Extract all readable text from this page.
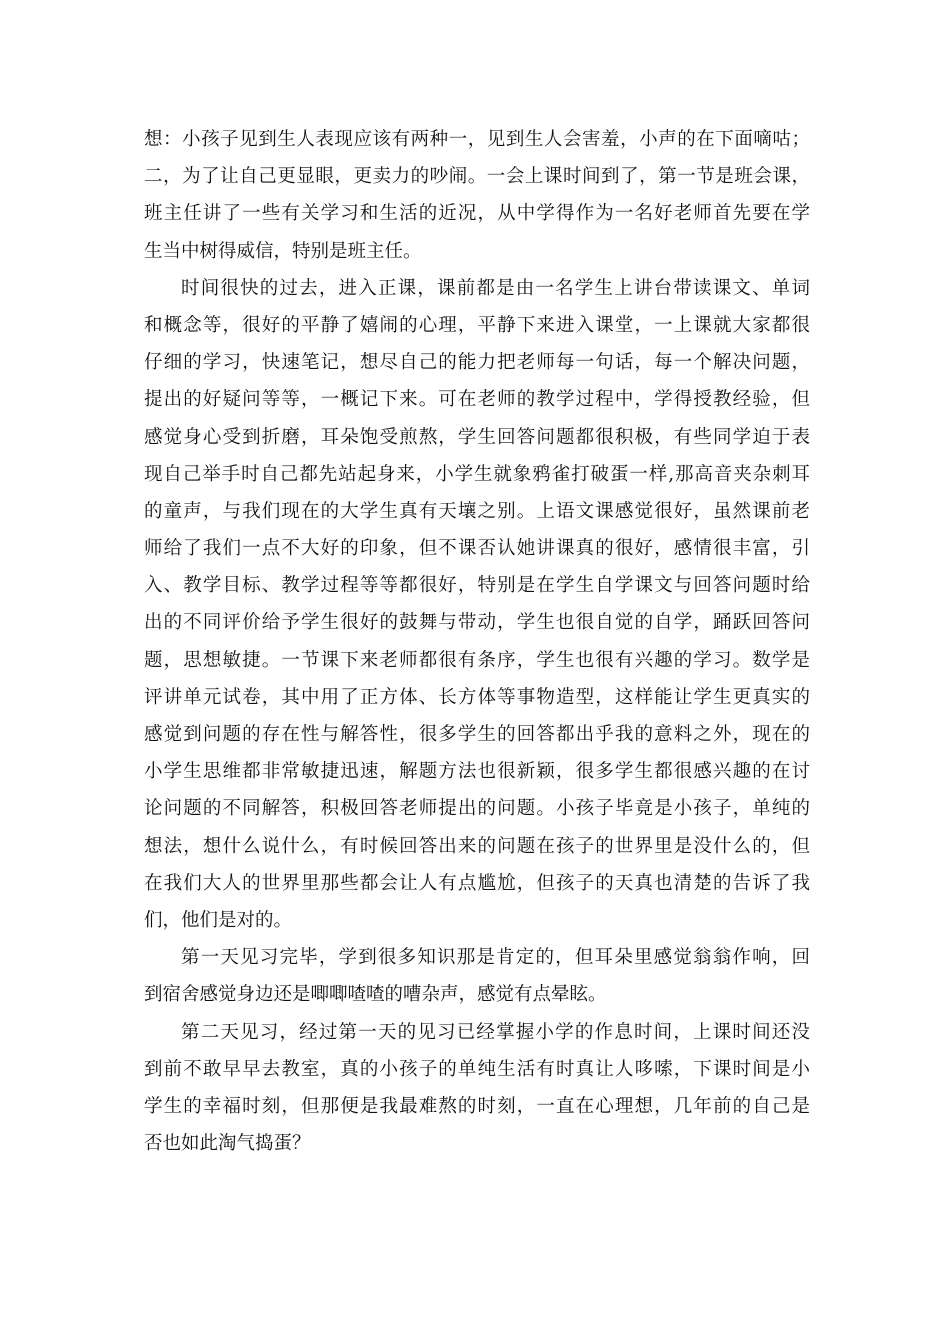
想：小孩子见到生人表现应该有两种一，见到生人会害羞，小声的在下面嘀咕；
二，为了让自己更显眼，更卖力的吵闹。一会上课时间到了，第一节是班会课，
班主任讲了一些有关学习和生活的近况，从中学得作为一名好老师首先要在学
生当中树得威信，特别是班主任。
时间很快的过去，进入正课，课前都是由一名学生上讲台带读课文、单词
和概念等，很好的平静了嬉闹的心理，平静下来进入课堂，一上课就大家都很
仔细的学习，快速笔记，想尽自己的能力把老师每一句话，每一个解决问题，
提出的好疑问等等，一概记下来。可在老师的教学过程中，学得授教经验，但
感觉身心受到折磨，耳朵饱受煎熬，学生回答问题都很积极，有些同学迫于表
现自己举手时自己都先站起身来，小学生就象鸦雀打破蛋一样,那高音夹杂刺耳
的童声，与我们现在的大学生真有天壤之别。上语文课感觉很好，虽然课前老
师给了我们一点不大好的印象，但不课否认她讲课真的很好，感情很丰富，引
入、教学目标、教学过程等等都很好，特别是在学生自学课文与回答问题时给
出的不同评价给予学生很好的鼓舞与带动，学生也很自觉的自学，踊跃回答问
题，思想敏捷。一节课下来老师都很有条序，学生也很有兴趣的学习。数学是
评讲单元试卷，其中用了正方体、长方体等事物造型，这样能让学生更真实的
感觉到问题的存在性与解答性，很多学生的回答都出乎我的意料之外，现在的
小学生思维都非常敏捷迅速，解题方法也很新颖，很多学生都很感兴趣的在讨
论问题的不同解答，积极回答老师提出的问题。小孩子毕竟是小孩子，单纯的
想法，想什么说什么，有时候回答出来的问题在孩子的世界里是没什么的，但
在我们大人的世界里那些都会让人有点尴尬，但孩子的天真也清楚的告诉了我
们，他们是对的。
第一天见习完毕，学到很多知识那是肯定的，但耳朵里感觉翁翁作响，回
到宿舍感觉身边还是唧唧喳喳的嘈杂声，感觉有点晕眩。
第二天见习，经过第一天的见习已经掌握小学的作息时间，上课时间还没
到前不敢早早去教室，真的小孩子的单纯生活有时真让人哆嗦，下课时间是小
学生的幸福时刻，但那便是我最难熬的时刻，一直在心理想，几年前的自己是
否也如此淘气捣蛋？
